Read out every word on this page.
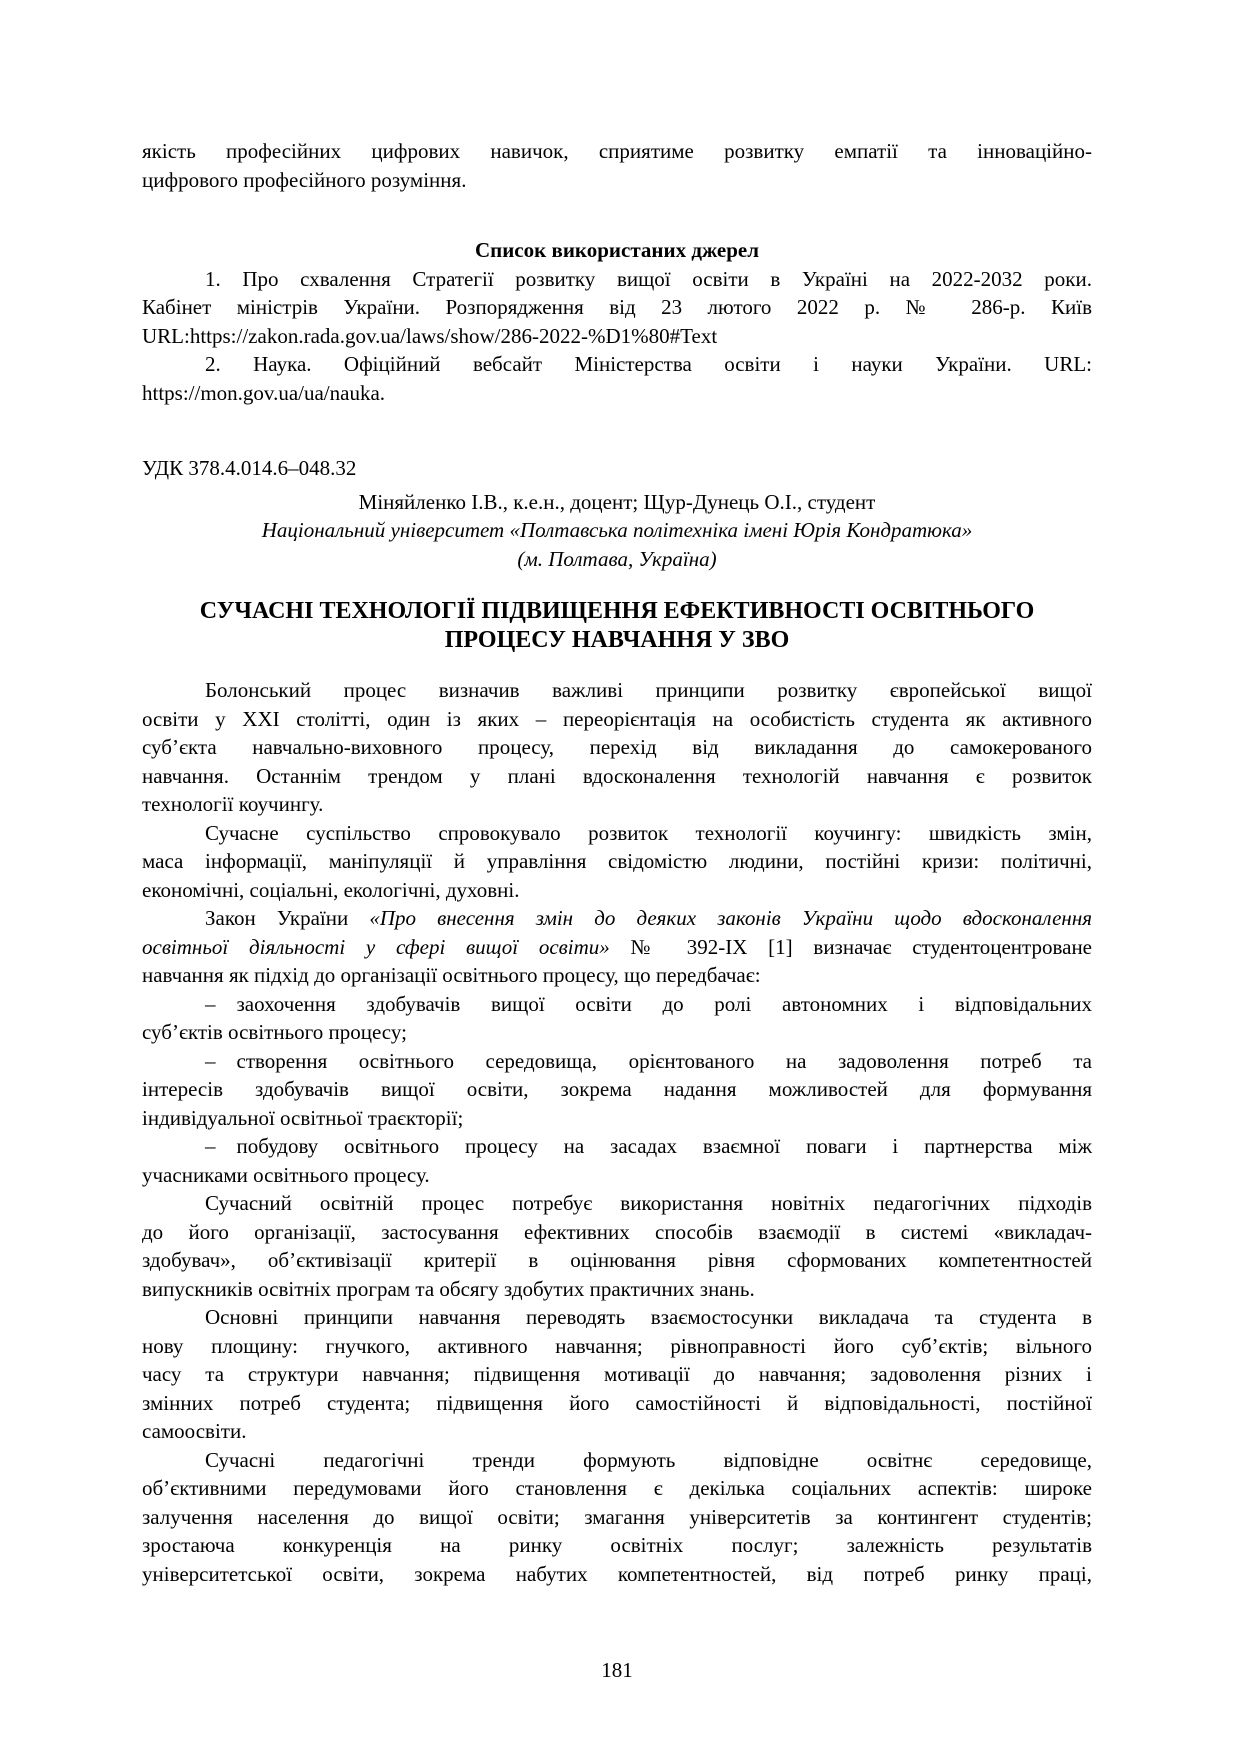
якість професійних цифрових навичок, сприятиме розвитку емпатії та інноваційно-
цифрового професійного розуміння.
Список використаних джерел
1. Про схвалення Стратегії розвитку вищої освіти в Україні на 2022-2032 роки.
Кабінет міністрів України. Розпорядження від 23 лютого 2022 р. № 286-р. Київ
URL:https://zakon.rada.gov.ua/laws/show/286-2022-%D1%80#Text
2. Наука. Офіційний вебсайт Міністерства освіти і науки України. URL:
https://mon.gov.ua/ua/nauka.
УДК 378.4.014.6–048.32
Міняйленко І.В., к.е.н., доцент; Щур-Дунець О.І., студент
Національний університет «Полтавська політехніка імені Юрія Кондратюка»
(м. Полтава, Україна)
СУЧАСНІ ТЕХНОЛОГІЇ ПІДВИЩЕННЯ ЕФЕКТИВНОСТІ ОСВІТНЬОГО
ПРОЦЕСУ НАВЧАННЯ У ЗВО
Болонський процес визначив важливі принципи розвитку європейської вищої
освіти у XXI столітті, один із яких – переорієнтація на особистість студента як активного
суб’єкта навчально-виховного процесу, перехід від викладання до самокерованого
навчання. Останнім трендом у плані вдосконалення технологій навчання є розвиток
технології коучингу.
Сучасне суспільство спровокувало розвиток технології коучингу: швидкість змін,
маса інформації, маніпуляції й управління свідомістю людини, постійні кризи: політичні,
економічні, соціальні, екологічні, духовні.
Закон України «Про внесення змін до деяких законів України щодо вдосконалення
освітньої діяльності у сфері вищої освіти» № 392-IX [1] визначає студентоцентроване
навчання як підхід до організації освітнього процесу, що передбачає:
– заохочення здобувачів вищої освіти до ролі автономних і відповідальних
суб’єктів освітнього процесу;
– створення освітнього середовища, орієнтованого на задоволення потреб та
інтересів здобувачів вищої освіти, зокрема надання можливостей для формування
індивідуальної освітньої траєкторії;
– побудову освітнього процесу на засадах взаємної поваги і партнерства між
учасниками освітнього процесу.
Сучасний освітній процес потребує використання новітніх педагогічних підходів
до його організації, застосування ефективних способів взаємодії в системі «викладач-
здобувач», об’єктивізації критерії в оцінювання рівня сформованих компетентностей
випускників освітніх програм та обсягу здобутих практичних знань.
Основні принципи навчання переводять взаємостосунки викладача та студента в
нову площину: гнучкого, активного навчання; рівноправності його суб’єктів; вільного
часу та структури навчання; підвищення мотивації до навчання; задоволення різних і
змінних потреб студента; підвищення його самостійності й відповідальності, постійної
самоосвіти.
Сучасні педагогічні тренди формують відповідне освітнє середовище,
об’єктивними передумовами його становлення є декілька соціальних аспектів: широке
залучення населення до вищої освіти; змагання університетів за контингент студентів;
зростаюча конкуренція на ринку освітніх послуг; залежність результатів
університетської освіти, зокрема набутих компетентностей, від потреб ринку праці,
181
